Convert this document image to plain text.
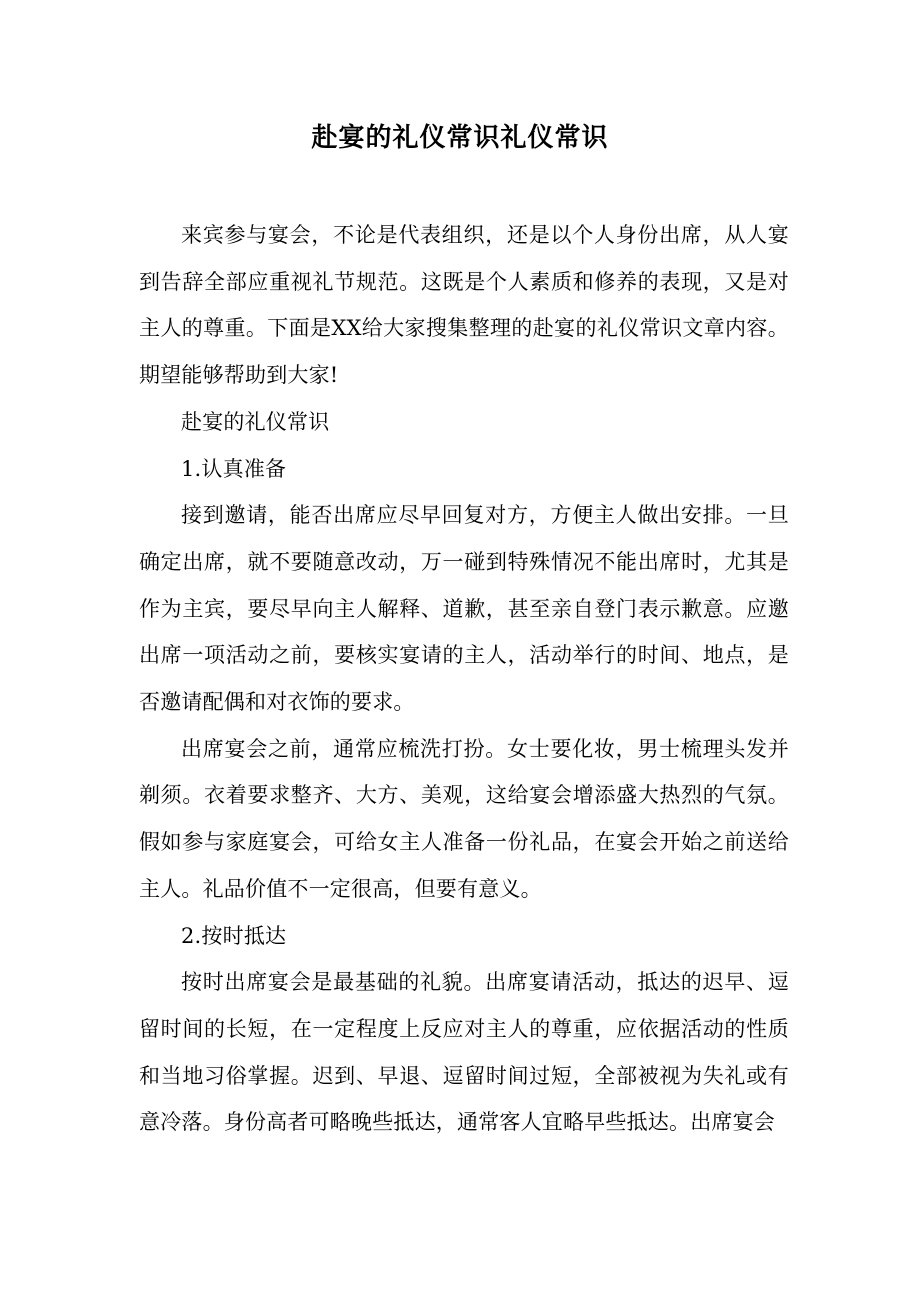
赴宴的礼仪常识礼仪常识

来宾参与宴会，不论是代表组织，还是以个人身份出席，从人宴到告辞全部应重视礼节规范。这既是个人素质和修养的表现，又是对主人的尊重。下面是XX给大家搜集整理的赴宴的礼仪常识文章内容。期望能够帮助到大家!

赴宴的礼仪常识

1.认真准备

接到邀请，能否出席应尽早回复对方，方便主人做出安排。一旦确定出席，就不要随意改动，万一碰到特殊情况不能出席时，尤其是作为主宾，要尽早向主人解释、道歉，甚至亲自登门表示歉意。应邀出席一项活动之前，要核实宴请的主人，活动举行的时间、地点，是否邀请配偶和对衣饰的要求。

出席宴会之前，通常应梳洗打扮。女士要化妆，男士梳理头发并剃须。衣着要求整齐、大方、美观，这给宴会增添盛大热烈的气氛。假如参与家庭宴会，可给女主人准备一份礼品，在宴会开始之前送给主人。礼品价值不一定很高，但要有意义。

2.按时抵达

按时出席宴会是最基础的礼貌。出席宴请活动，抵达的迟早、逗留时间的长短，在一定程度上反应对主人的尊重，应依据活动的性质和当地习俗掌握。迟到、早退、逗留时间过短，全部被视为失礼或有意冷落。身份高者可略晚些抵达，通常客人宜略早些抵达。出席宴会
